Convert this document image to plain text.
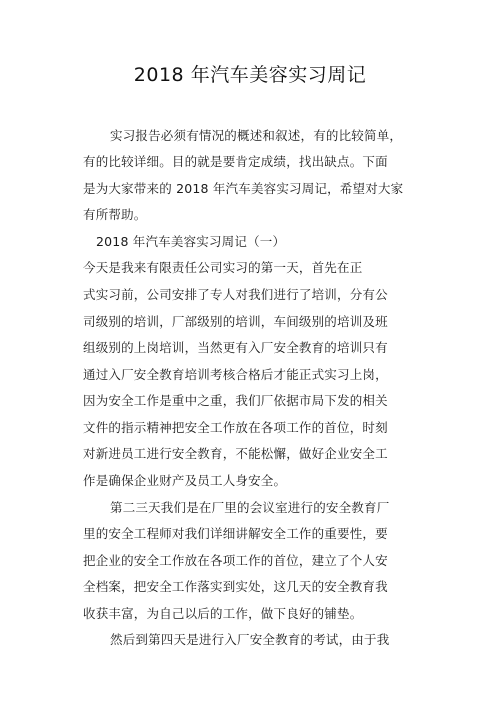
2018 年汽车美容实习周记
实习报告必须有情况的概述和叙述，有的比较简单，
有的比较详细。目的就是要肯定成绩，找出缺点。下面
是为大家带来的 2018 年汽车美容实习周记，希望对大家
有所帮助。
2018 年汽车美容实习周记（一）
今天是我来有限责任公司实习的第一天，首先在正
式实习前，公司安排了专人对我们进行了培训，分有公
司级别的培训，厂部级别的培训，车间级别的培训及班
组级别的上岗培训，当然更有入厂安全教育的培训只有
通过入厂安全教育培训考核合格后才能正式实习上岗，
因为安全工作是重中之重，我们厂依据市局下发的相关
文件的指示精神把安全工作放在各项工作的首位，时刻
对新进员工进行安全教育，不能松懈，做好企业安全工
作是确保企业财产及员工人身安全。
第二三天我们是在厂里的会议室进行的安全教育厂
里的安全工程师对我们详细讲解安全工作的重要性，要
把企业的安全工作放在各项工作的首位，建立了个人安
全档案，把安全工作落实到实处，这几天的安全教育我
收获丰富，为自己以后的工作，做下良好的铺垫。
然后到第四天是进行入厂安全教育的考试，由于我
